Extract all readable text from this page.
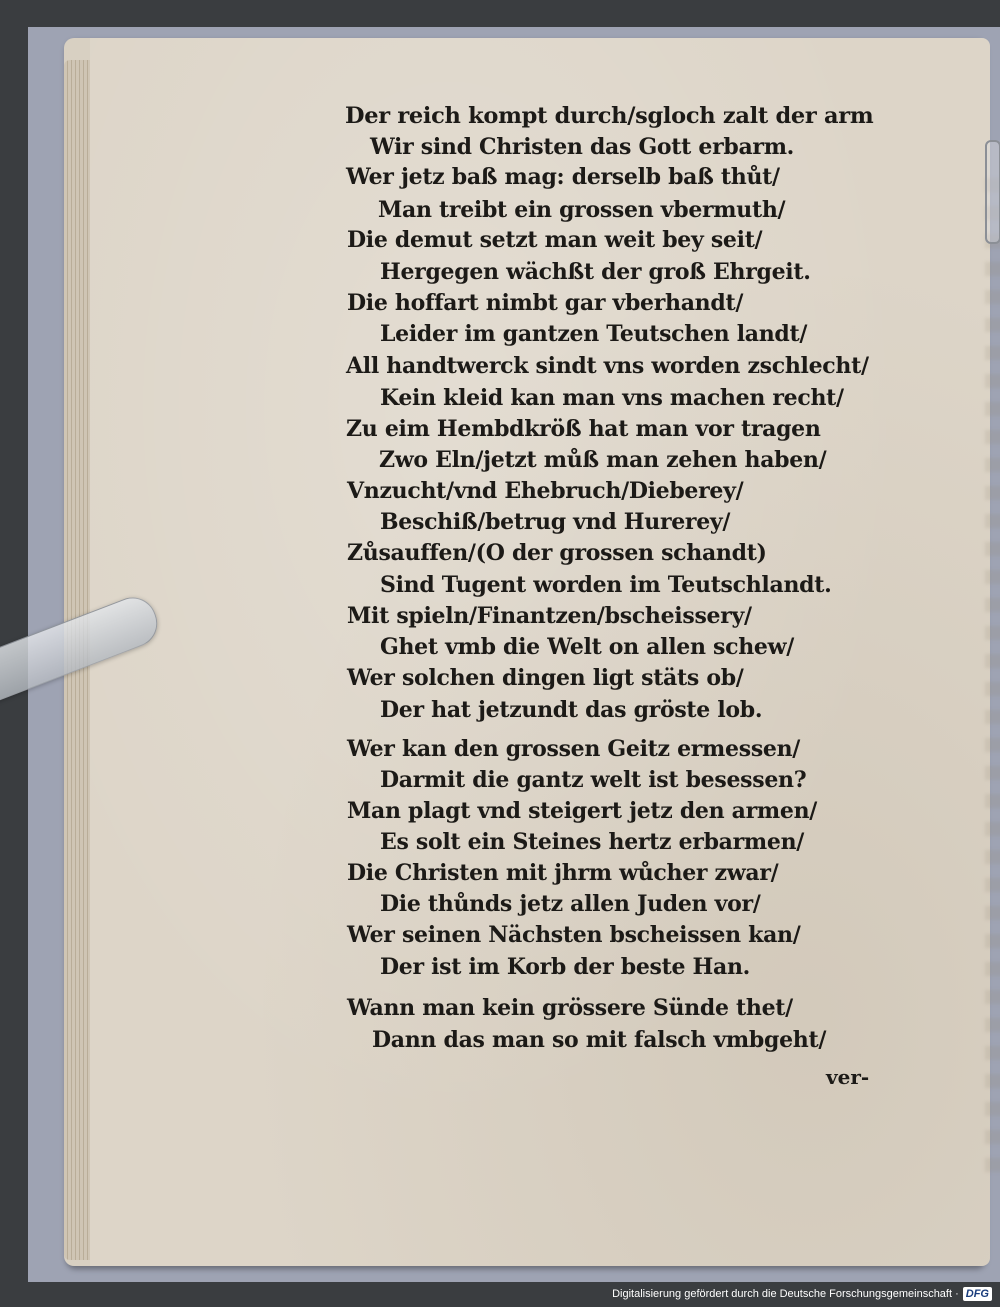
Der reich kompt durch/sgloch zalt der arm
Wir sind Christen das Gott erbarm.
Wer jetz baß mag: derselb baß thůt/
Man treibt ein grossen vbermuth/
Die demut setzt man weit bey seit/
Hergegen wächßt der groß Ehrgeit.
Die hoffart nimbt gar vberhandt/
Leider im gantzen Teutschen landt/
All handtwerck sindt vns worden zschlecht/
Kein kleid kan man vns machen recht/
Zu eim Hembdkröß hat man vor tragen
Zwo Eln/jetzt můß man zehen haben/
Vnzucht/vnd Ehebruch/Dieberey/
Beschiß/betrug vnd Hurerey/
Zůsauffen/(O der grossen schandt)
Sind Tugent worden im Teutschlandt.
Mit spieln/Finantzen/bscheissery/
Ghet vmb die Welt on allen schew/
Wer solchen dingen ligt stäts ob/
Der hat jetzundt das gröste lob.
Wer kan den grossen Geitz ermessen/
Darmit die gantz welt ist besessen?
Man plagt vnd steigert jetz den armen/
Es solt ein Steines hertz erbarmen/
Die Christen mit jhrm wůcher zwar/
Die thůnds jetz allen Juden vor/
Wer seinen Nächsten bscheissen kan/
Der ist im Korb der beste Han.
Wann man kein grössere Sünde thet/
Dann das man so mit falsch vmbgeht/
ver-
Digitalisierung gefördert durch die Deutsche Forschungsgemeinschaft · DFG
